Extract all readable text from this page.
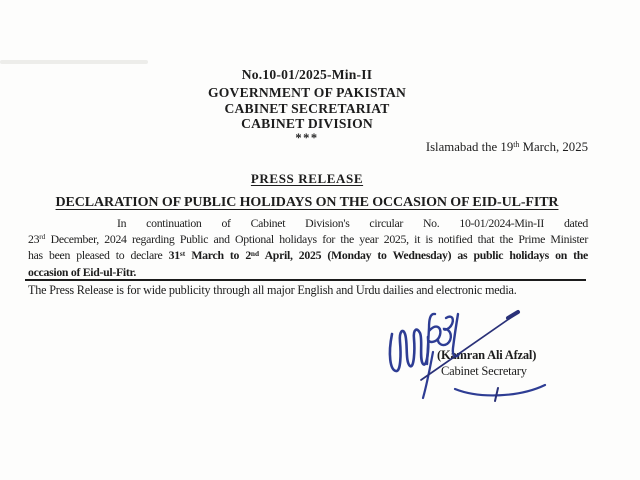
No.10-01/2025-Min-II
GOVERNMENT OF PAKISTAN
CABINET SECRETARIAT
CABINET DIVISION
***
Islamabad the 19th March, 2025
PRESS RELEASE
DECLARATION OF PUBLIC HOLIDAYS ON THE OCCASION OF EID-UL-FITR
In continuation of Cabinet Division's circular No. 10-01/2024-Min-II dated
23rd December, 2024 regarding Public and Optional holidays for the year 2025, it is notified that the Prime Minister
has been pleased to declare 31st March to 2nd April, 2025 (Monday to Wednesday) as public holidays on the
occasion of Eid-ul-Fitr.
The Press Release is for wide publicity through all major English and Urdu dailies and electronic media.
(Kamran Ali Afzal)
Cabinet Secretary
